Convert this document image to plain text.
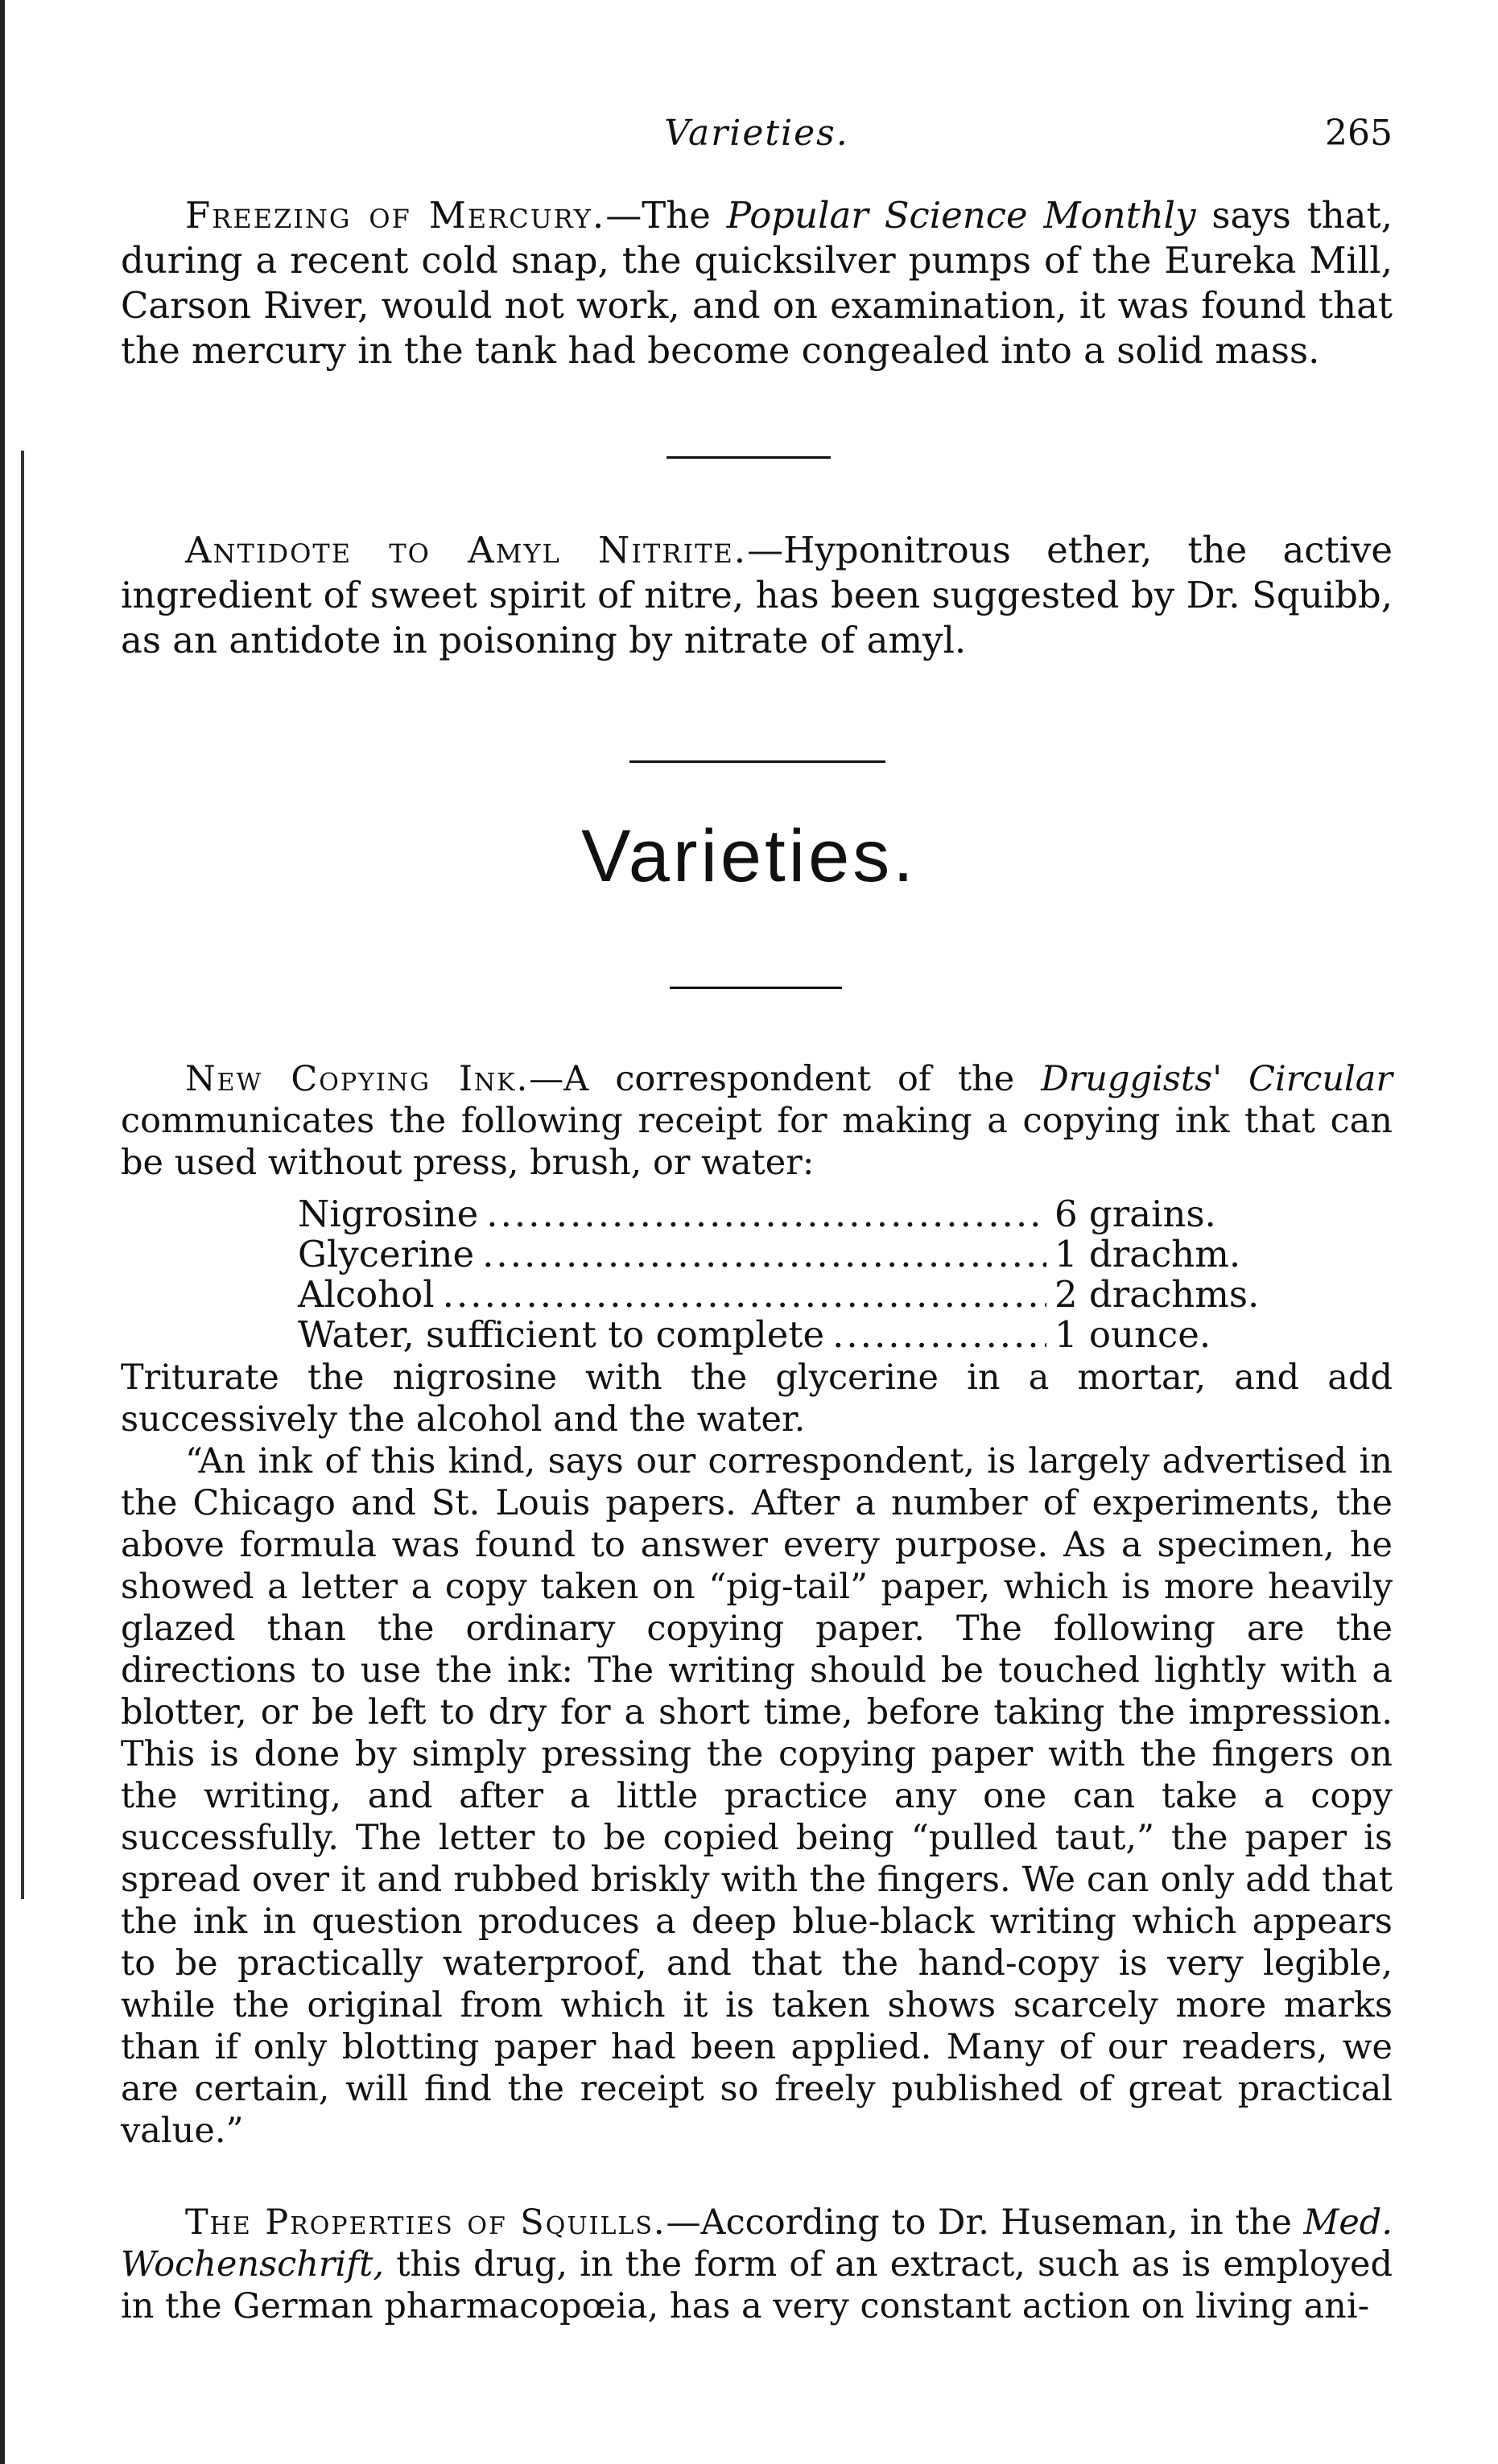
Varieties.	265

Freezing of Mercury.—The Popular Science Monthly says that, during a recent cold snap, the quicksilver pumps of the Eureka Mill, Carson River, would not work, and on examination, it was found that the mercury in the tank had become congealed into a solid mass.

Antidote to Amyl Nitrite.—Hyponitrous ether, the active ingredient of sweet spirit of nitre, has been suggested by Dr. Squibb, as an antidote in poisoning by nitrate of amyl.

Varieties.

New Copying Ink.—A correspondent of the Druggists' Circular communicates the following receipt for making a copying ink that can be used without press, brush, or water:

Nigrosine .....	6 grains.
Glycerine .....	1 drachm.
Alcohol .....	2 drachms.
Water, sufficient to complete .....	1 ounce.

Triturate the nigrosine with the glycerine in a mortar, and add successively the alcohol and the water.

“An ink of this kind, says our correspondent, is largely advertised in the Chicago and St. Louis papers. After a number of experiments, the above formula was found to answer every purpose. As a specimen, he showed a letter a copy taken on “pig-tail” paper, which is more heavily glazed than the ordinary copying paper. The following are the directions to use the ink: The writing should be touched lightly with a blotter, or be left to dry for a short time, before taking the impression. This is done by simply pressing the copying paper with the fingers on the writing, and after a little practice any one can take a copy successfully. The letter to be copied being “pulled taut,” the paper is spread over it and rubbed briskly with the fingers. We can only add that the ink in question produces a deep blue-black writing which appears to be practically waterproof, and that the hand-copy is very legible, while the original from which it is taken shows scarcely more marks than if only blotting paper had been applied. Many of our readers, we are certain, will find the receipt so freely published of great practical value.”

The Properties of Squills.—According to Dr. Huseman, in the Med. Wochenschrift, this drug, in the form of an extract, such as is employed in the German pharmacopœia, has a very constant action on living ani-
